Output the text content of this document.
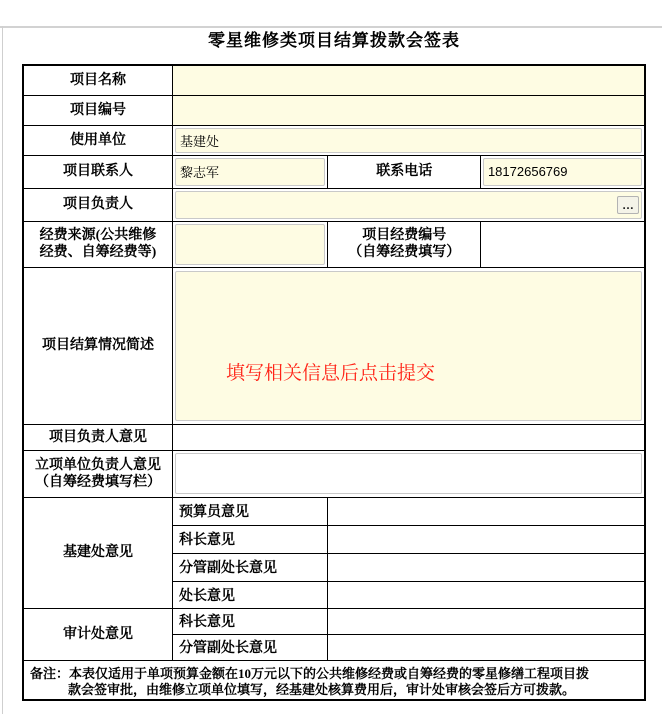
零星维修类项目结算拨款会签表
项目名称			
项目编号			
使用单位	基建处		

项目联系人	黎志军	联系电话	18172656769

项目负责人	…		

经费来源(公共维修
经费、自筹经费等)		项目经费编号
（自筹经费填写）	

项目结算情况简述	填写相关信息后点击提交		

项目负责人意见			

立项单位负责人意见
（自筹经费填写栏）			

基建处意见	预算员意见		
	科长意见		
	分管副处长意见		
	处长意见		
审计处意见	科长意见		
	分管副处长意见		

备注：本表仅适用于单项预算金额在10万元以下的公共维修经费或自筹经费的零星修缮工程项目拨
款会签审批，由维修立项单位填写，经基建处核算费用后，审计处审核会签后方可拨款。			
